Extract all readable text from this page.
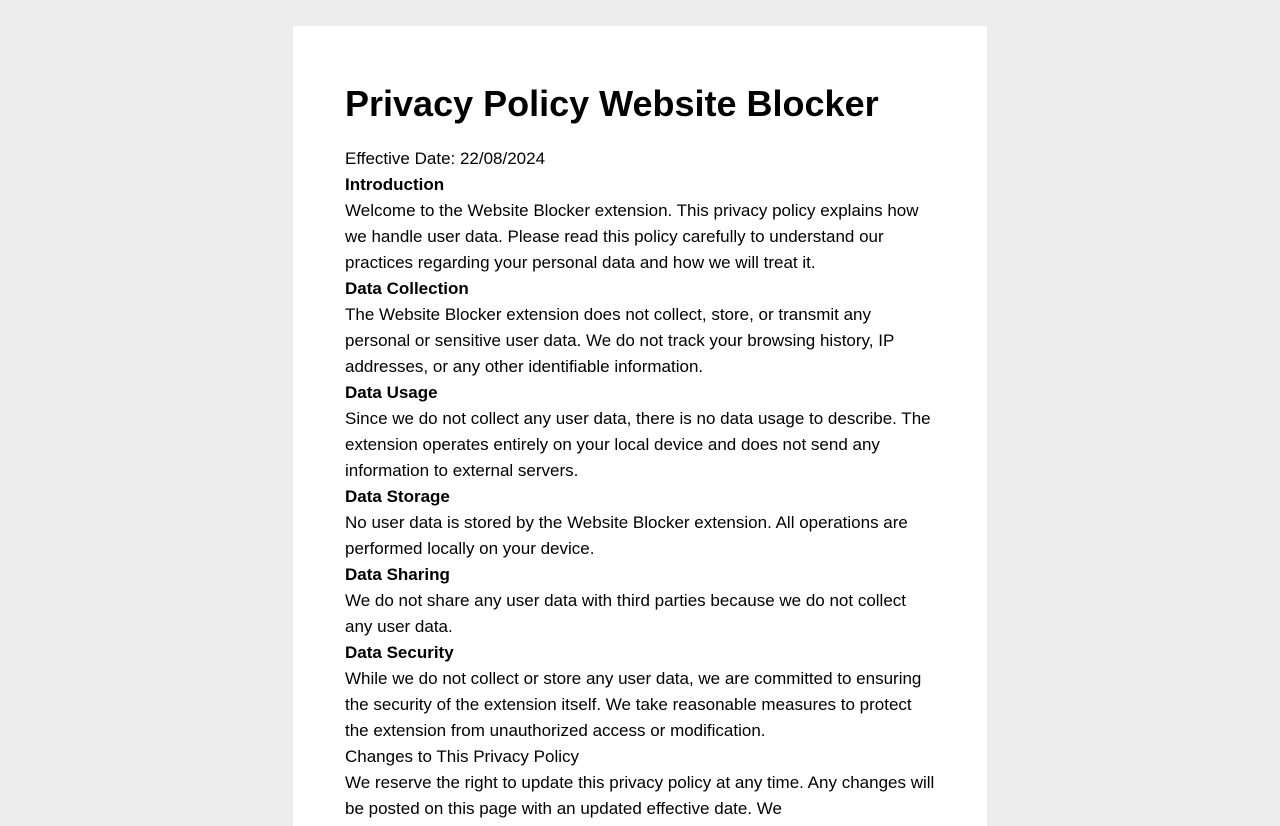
Privacy Policy Website Blocker
Effective Date: 22/08/2024
Introduction
Welcome to the Website Blocker extension. This privacy policy explains how we handle user data. Please read this policy carefully to understand our practices regarding your personal data and how we will treat it.
Data Collection
The Website Blocker extension does not collect, store, or transmit any personal or sensitive user data. We do not track your browsing history, IP addresses, or any other identifiable information.
Data Usage
Since we do not collect any user data, there is no data usage to describe. The extension operates entirely on your local device and does not send any information to external servers.
Data Storage
No user data is stored by the Website Blocker extension. All operations are performed locally on your device.
Data Sharing
We do not share any user data with third parties because we do not collect any user data.
Data Security
While we do not collect or store any user data, we are committed to ensuring the security of the extension itself. We take reasonable measures to protect the extension from unauthorized access or modification.
Changes to This Privacy Policy
We reserve the right to update this privacy policy at any time. Any changes will be posted on this page with an updated effective date. We
